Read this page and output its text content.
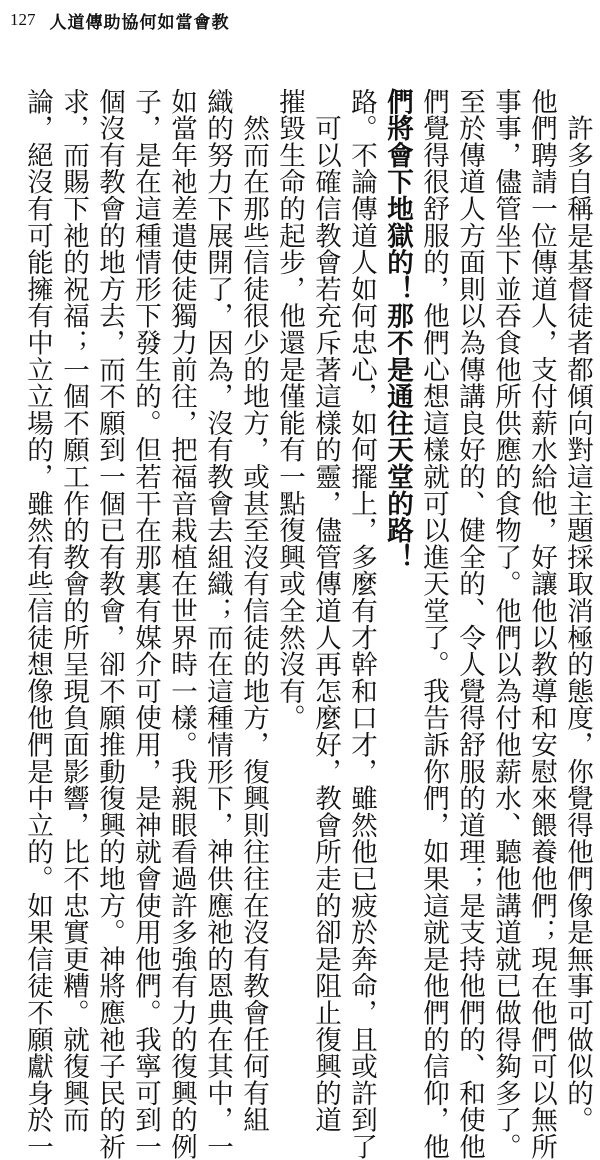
127 人道傳助協何如當會教
　許多自稱是基督徒者都傾向對這主題採取消極的態度，你覺得他們像是無事可做似的。
他們聘請一位傳道人，支付薪水給他，好讓他以教導和安慰來餵養他們；現在他們可以無所
事事，儘管坐下並吞食他所供應的食物了。他們以為付他薪水、聽他講道就已做得夠多了。
至於傳道人方面則以為傳講良好的、健全的、令人覺得舒服的道理；是支持他們的、和使他
們覺得很舒服的，他們心想這樣就可以進天堂了。我告訴你們，如果這就是他們的信仰，他
們將會下地獄的！那不是通往天堂的路！
路。不論傳道人如何忠心，如何擺上，多麼有才幹和口才，雖然他已疲於奔命，且或許到了
　可以確信教會若充斥著這樣的靈，儘管傳道人再怎麼好，教會所走的卻是阻止復興的道
摧毀生命的起步，他還是僅能有一點復興或全然沒有。
　然而在那些信徒很少的地方，或甚至沒有信徒的地方，復興則往往在沒有教會任何有組
織的努力下展開了，因為，沒有教會去組織；而在這種情形下，神供應祂的恩典在其中，一
如當年祂差遣使徒獨力前往，把福音栽植在世界時一樣。我親眼看過許多強有力的復興的例
子，是在這種情形下發生的。但若干在那裏有媒介可使用，是神就會使用他們。我寧可到一
個沒有教會的地方去，而不願到一個已有教會，卻不願推動復興的地方。神將應祂子民的祈
求，而賜下祂的祝福；一個不願工作的教會的所呈現負面影響，比不忠實更糟。就復興而
論，絕沒有可能擁有中立立場的，雖然有些信徒想像他們是中立的。如果信徒不願獻身於一
